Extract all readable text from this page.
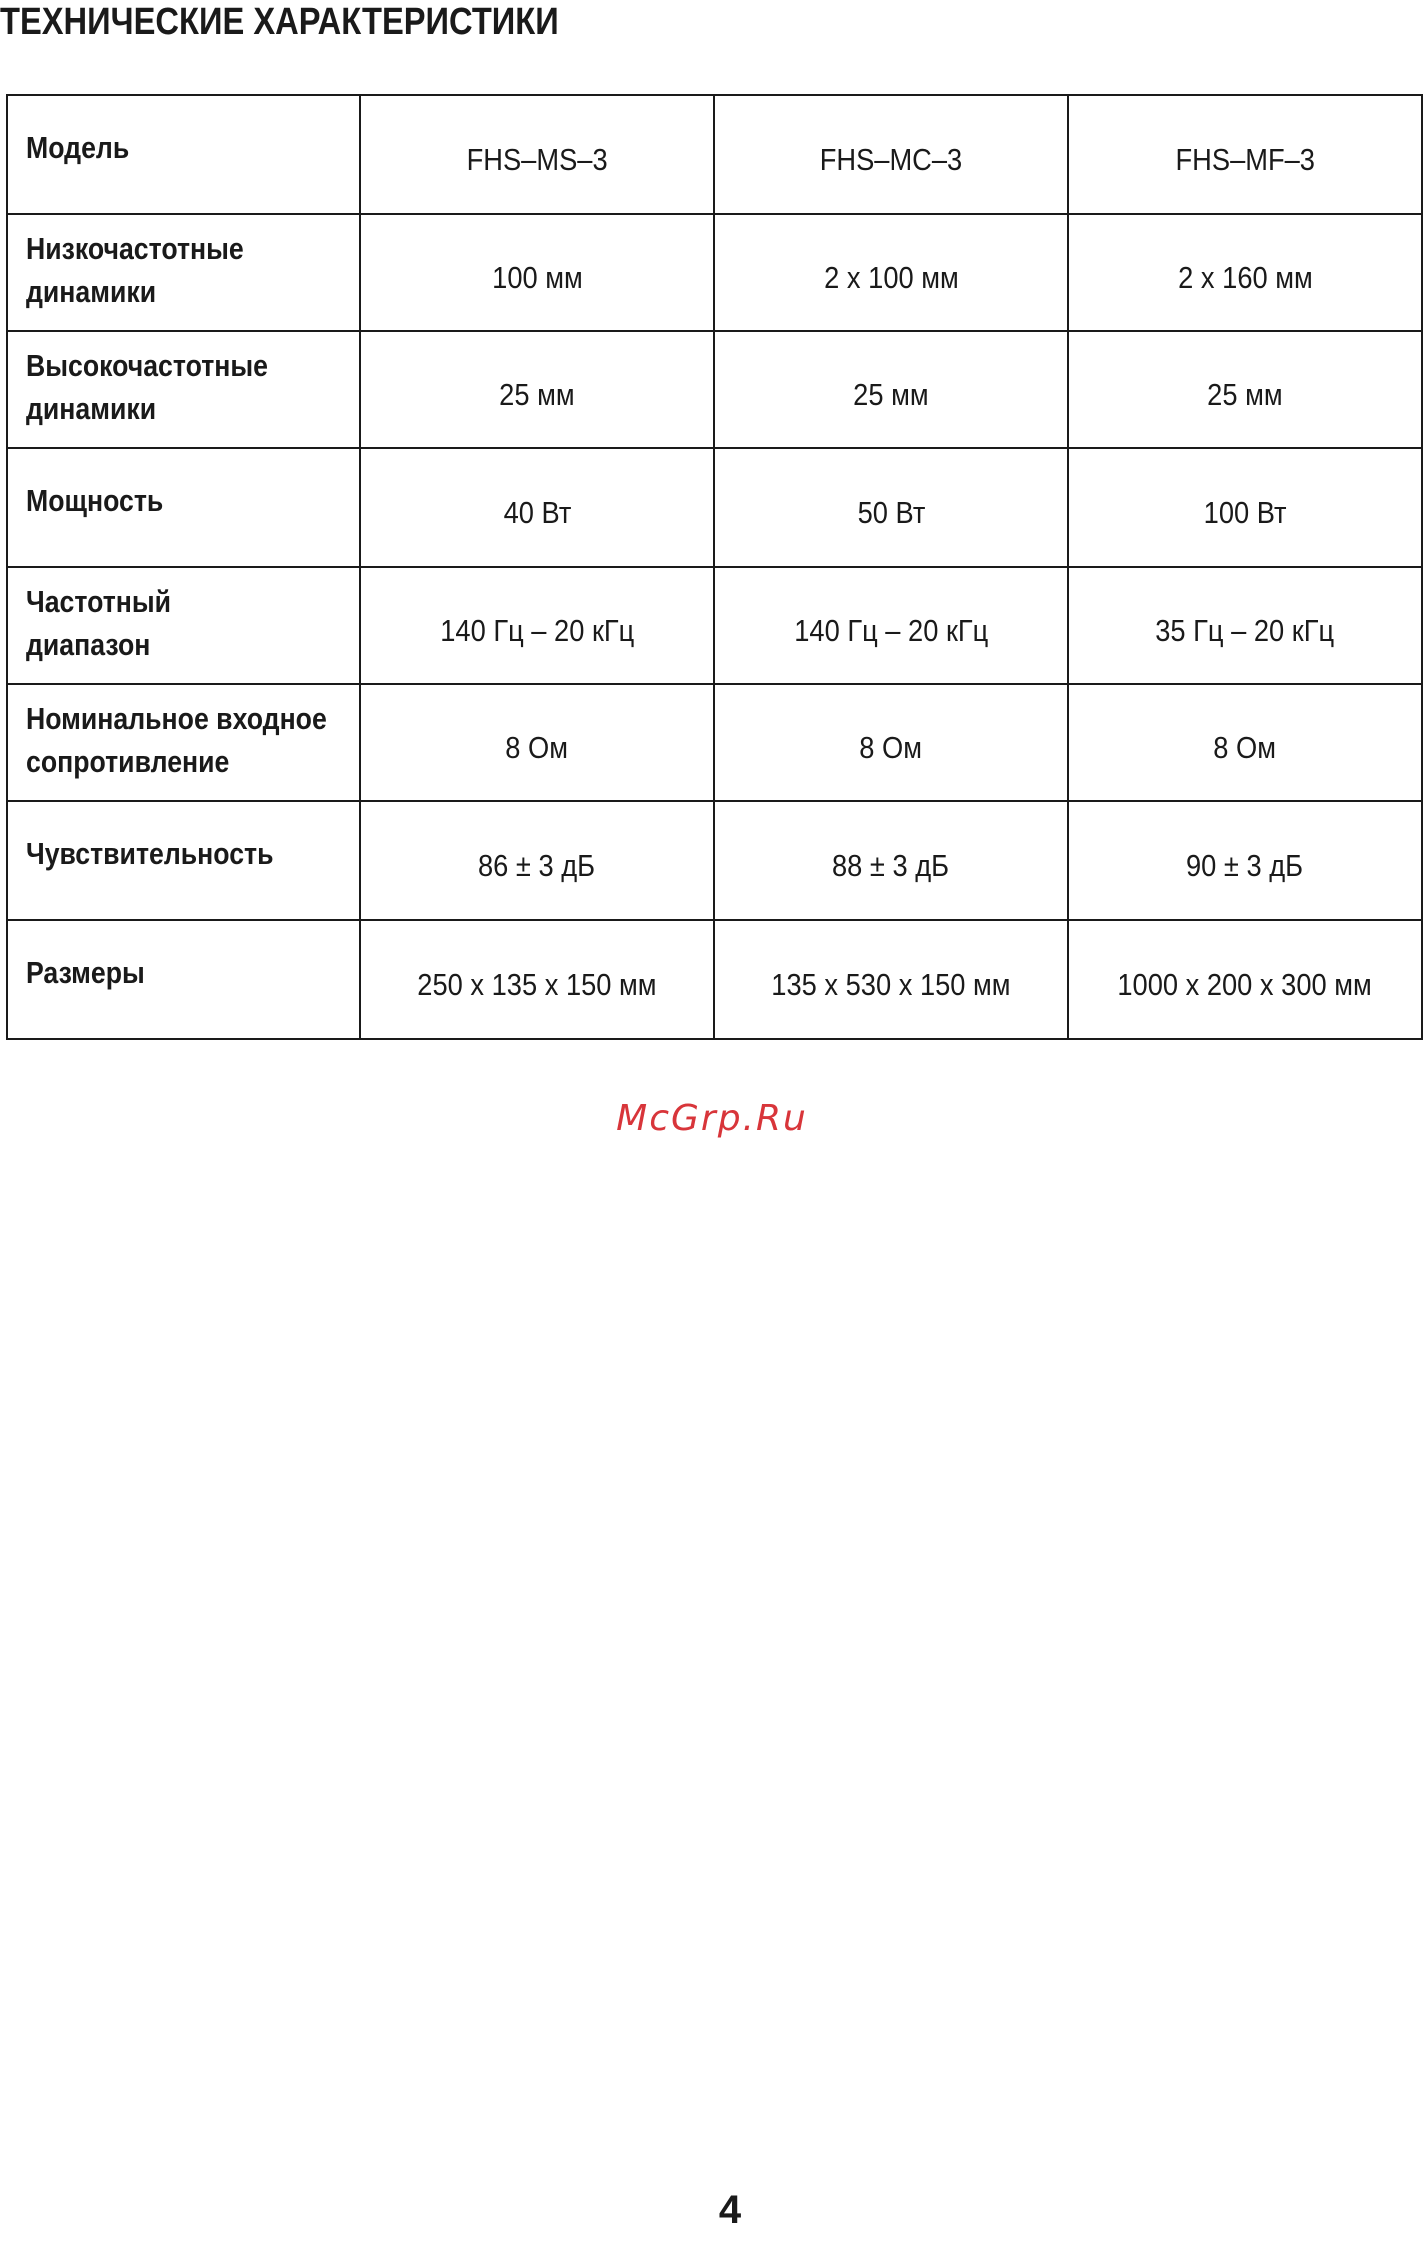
ТЕХНИЧЕСКИЕ ХАРАКТЕРИСТИКИ
Модель	FHS–MS–3	FHS–MC–3	FHS–MF–3
Низкочастотные
динамики	100 мм	2 x 100 мм	2 x 160 мм
Высокочастотные
динамики	25 мм	25 мм	25 мм
Мощность	40 Вт	50 Вт	100 Вт
Частотный
диапазон	140 Гц – 20 кГц	140 Гц – 20 кГц	35 Гц – 20 кГц
Номинальное входное
сопротивление	8 Ом	8 Ом	8 Ом
Чувствительность	86 ± 3 дБ	88 ± 3 дБ	90 ± 3 дБ
Размеры	250 x 135 x 150 мм	135 x 530 x 150 мм	1000 x 200 x 300 мм
McGrp.Ru
4
